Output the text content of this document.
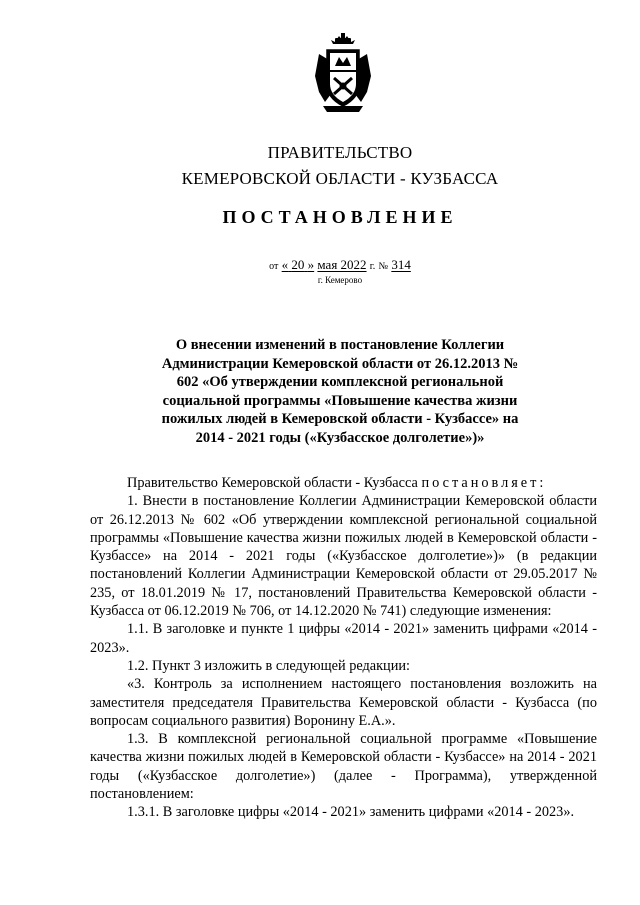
ПРАВИТЕЛЬСТВО
КЕМЕРОВСКОЙ ОБЛАСТИ - КУЗБАССА
ПОСТАНОВЛЕНИЕ
от « 20 » мая 2022 г. № 314
г. Кемерово
О внесении изменений в постановление Коллегии Администрации Кемеровской области от 26.12.2013 № 602 «Об утверждении комплексной региональной социальной программы «Повышение качества жизни пожилых людей в Кемеровской области - Кузбассе» на 2014 - 2021 годы («Кузбасское долголетие»)»

Правительство Кемеровской области - Кузбасса постановляет:

1. Внести в постановление Коллегии Администрации Кемеровской области от 26.12.2013 № 602 «Об утверждении комплексной региональной социальной программы «Повышение качества жизни пожилых людей в Кемеровской области - Кузбассе» на 2014 - 2021 годы («Кузбасское долголетие»)» (в редакции постановлений Коллегии Администрации Кемеровской области от 29.05.2017 № 235, от 18.01.2019 № 17, постановлений Правительства Кемеровской области - Кузбасса от 06.12.2019 № 706, от 14.12.2020 № 741) следующие изменения:

1.1. В заголовке и пункте 1 цифры «2014 - 2021» заменить цифрами «2014 - 2023».

1.2. Пункт 3 изложить в следующей редакции:

«3. Контроль за исполнением настоящего постановления возложить на заместителя председателя Правительства Кемеровской области - Кузбасса (по вопросам социального развития) Воронину Е.А.».

1.3. В комплексной региональной социальной программе «Повышение качества жизни пожилых людей в Кемеровской области - Кузбассе» на 2014 - 2021 годы («Кузбасское долголетие») (далее - Программа), утвержденной постановлением:

1.3.1. В заголовке цифры «2014 - 2021» заменить цифрами «2014 - 2023».
